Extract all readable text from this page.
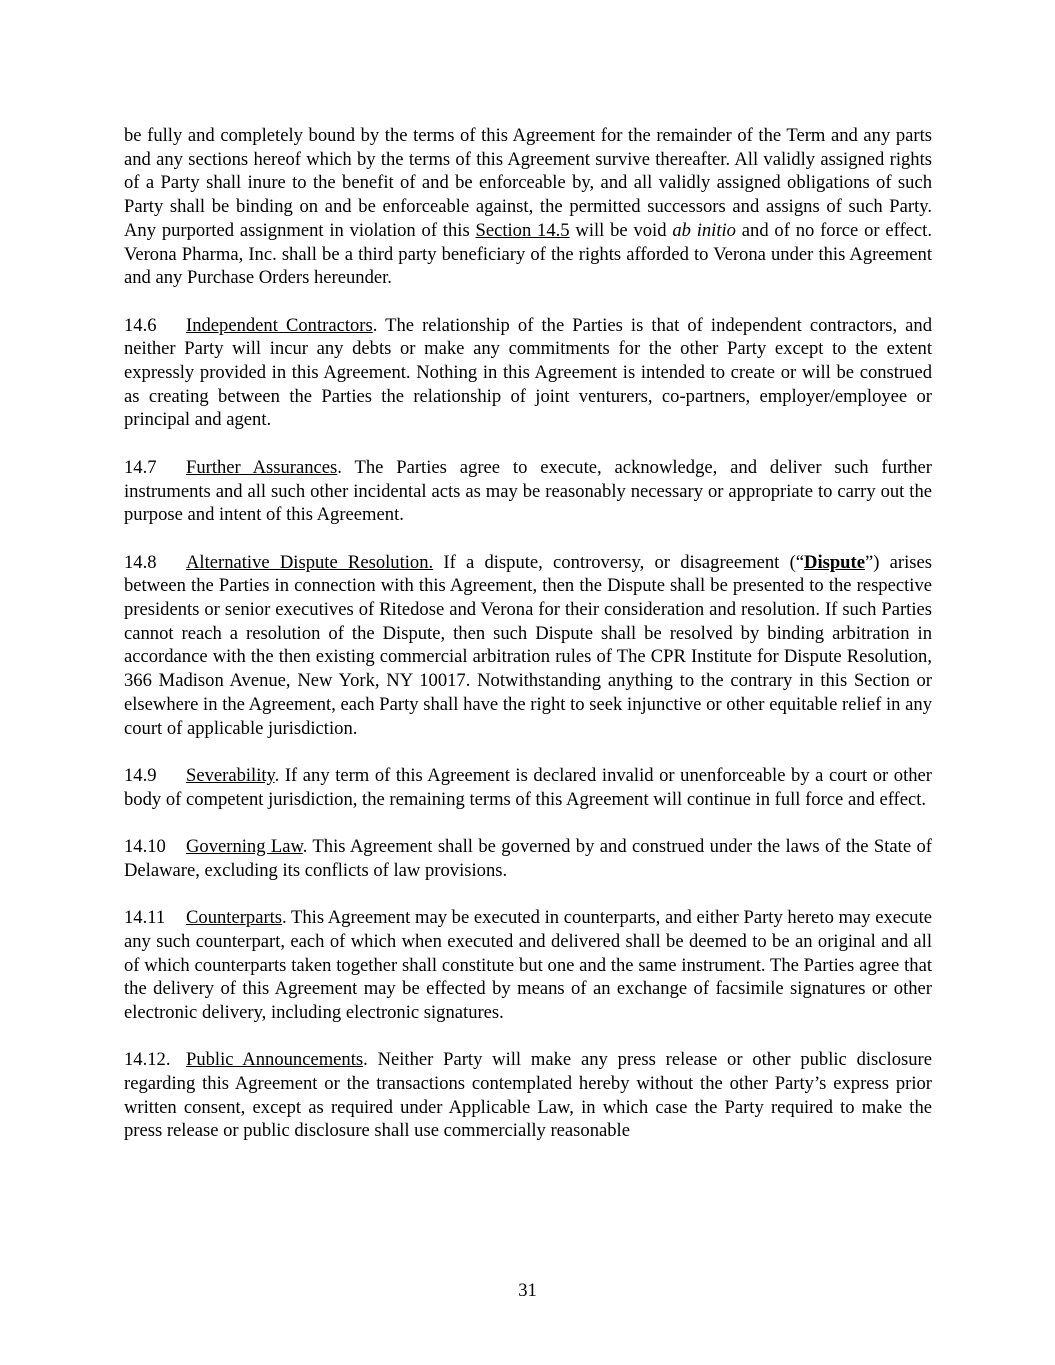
be fully and completely bound by the terms of this Agreement for the remainder of the Term and any parts and any sections hereof which by the terms of this Agreement survive thereafter. All validly assigned rights of a Party shall inure to the benefit of and be enforceable by, and all validly assigned obligations of such Party shall be binding on and be enforceable against, the permitted successors and assigns of such Party. Any purported assignment in violation of this Section 14.5 will be void ab initio and of no force or effect. Verona Pharma, Inc. shall be a third party beneficiary of the rights afforded to Verona under this Agreement and any Purchase Orders hereunder.

14.6 Independent Contractors. The relationship of the Parties is that of independent contractors, and neither Party will incur any debts or make any commitments for the other Party except to the extent expressly provided in this Agreement. Nothing in this Agreement is intended to create or will be construed as creating between the Parties the relationship of joint venturers, co-partners, employer/employee or principal and agent.

14.7 Further Assurances. The Parties agree to execute, acknowledge, and deliver such further instruments and all such other incidental acts as may be reasonably necessary or appropriate to carry out the purpose and intent of this Agreement.

14.8 Alternative Dispute Resolution. If a dispute, controversy, or disagreement (“Dispute”) arises between the Parties in connection with this Agreement, then the Dispute shall be presented to the respective presidents or senior executives of Ritedose and Verona for their consideration and resolution. If such Parties cannot reach a resolution of the Dispute, then such Dispute shall be resolved by binding arbitration in accordance with the then existing commercial arbitration rules of The CPR Institute for Dispute Resolution, 366 Madison Avenue, New York, NY 10017. Notwithstanding anything to the contrary in this Section or elsewhere in the Agreement, each Party shall have the right to seek injunctive or other equitable relief in any court of applicable jurisdiction.

14.9 Severability. If any term of this Agreement is declared invalid or unenforceable by a court or other body of competent jurisdiction, the remaining terms of this Agreement will continue in full force and effect.

14.10 Governing Law. This Agreement shall be governed by and construed under the laws of the State of Delaware, excluding its conflicts of law provisions.

14.11 Counterparts. This Agreement may be executed in counterparts, and either Party hereto may execute any such counterpart, each of which when executed and delivered shall be deemed to be an original and all of which counterparts taken together shall constitute but one and the same instrument. The Parties agree that the delivery of this Agreement may be effected by means of an exchange of facsimile signatures or other electronic delivery, including electronic signatures.

14.12. Public Announcements. Neither Party will make any press release or other public disclosure regarding this Agreement or the transactions contemplated hereby without the other Party’s express prior written consent, except as required under Applicable Law, in which case the Party required to make the press release or public disclosure shall use commercially reasonable

31
